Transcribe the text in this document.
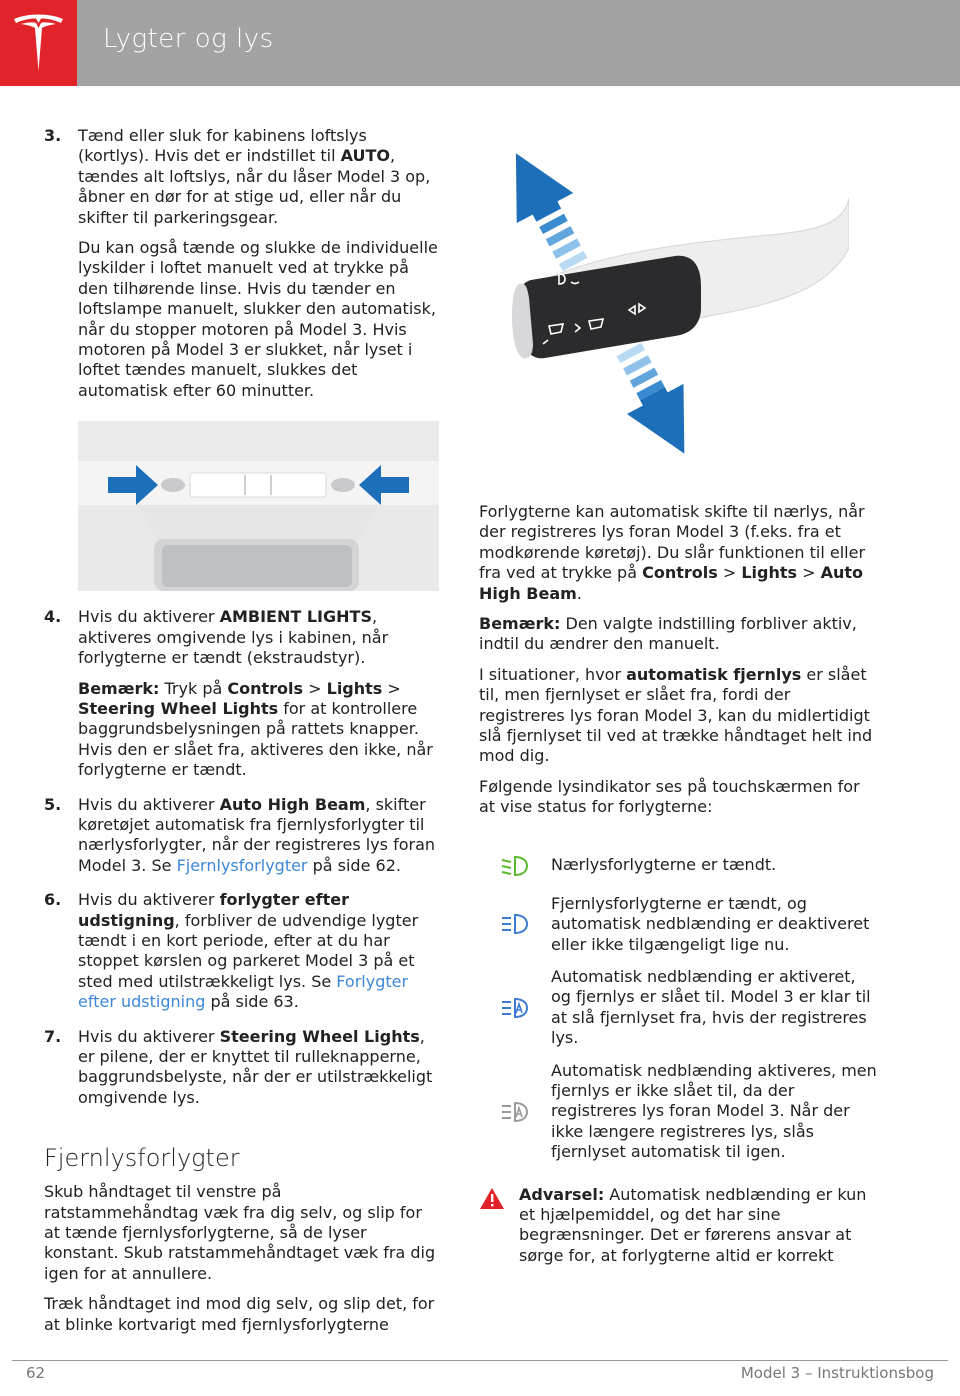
Lygter og lys
3.	Tænd eller sluk for kabinens loftslys (kortlys). Hvis det er indstillet til AUTO, tændes alt loftslys, når du låser Model 3 op, åbner en dør for at stige ud, eller når du skifter til parkeringsgear.

Du kan også tænde og slukke de individuelle lyskilder i loftet manuelt ved at trykke på den tilhørende linse. Hvis du tænder en loftslampe manuelt, slukker den automatisk, når du stopper motoren på Model 3. Hvis motoren på Model 3 er slukket, når lyset i loftet tændes manuelt, slukkes det automatisk efter 60 minutter.

4.	Hvis du aktiverer AMBIENT LIGHTS, aktiveres omgivende lys i kabinen, når forlygterne er tændt (ekstraudstyr).

Bemærk: Tryk på Controls > Lights > Steering Wheel Lights for at kontrollere baggrundsbelysningen på rattets knapper. Hvis den er slået fra, aktiveres den ikke, når forlygterne er tændt.

5.	Hvis du aktiverer Auto High Beam, skifter køretøjet automatisk fra fjernlysforlygter til nærlysforlygter, når der registreres lys foran Model 3. Se Fjernlysforlygter på side 62.

6.	Hvis du aktiverer forlygter efter udstigning, forbliver de udvendige lygter tændt i en kort periode, efter at du har stoppet kørslen og parkeret Model 3 på et sted med utilstrækkeligt lys. Se Forlygter efter udstigning på side 63.

7.	Hvis du aktiverer Steering Wheel Lights, er pilene, der er knyttet til rulleknapperne, baggrundsbelyste, når der er utilstrækkeligt omgivende lys.

Fjernlysforlygter

Skub håndtaget til venstre på ratstammehåndtag væk fra dig selv, og slip for at tænde fjernlysforlygterne, så de lyser konstant. Skub ratstammehåndtaget væk fra dig igen for at annullere.

Træk håndtaget ind mod dig selv, og slip det, for at blinke kortvarigt med fjernlysforlygterne

Forlygterne kan automatisk skifte til nærlys, når der registreres lys foran Model 3 (f.eks. fra et modkørende køretøj). Du slår funktionen til eller fra ved at trykke på Controls > Lights > Auto High Beam.

Bemærk: Den valgte indstilling forbliver aktiv, indtil du ændrer den manuelt.

I situationer, hvor automatisk fjernlys er slået til, men fjernlyset er slået fra, fordi der registreres lys foran Model 3, kan du midlertidigt slå fjernlyset til ved at trække håndtaget helt ind mod dig.

Følgende lysindikator ses på touchskærmen for at vise status for forlygterne:

Nærlysforlygterne er tændt.
Fjernlysforlygterne er tændt, og automatisk nedblænding er deaktiveret eller ikke tilgængeligt lige nu.
Automatisk nedblænding er aktiveret, og fjernlys er slået til. Model 3 er klar til at slå fjernlyset fra, hvis der registreres lys.
Automatisk nedblænding aktiveres, men fjernlys er ikke slået til, da der registreres lys foran Model 3. Når der ikke længere registreres lys, slås fjernlyset automatisk til igen.
Advarsel: Automatisk nedblænding er kun et hjælpemiddel, og det har sine begrænsninger. Det er førerens ansvar at sørge for, at forlygterne altid er korrekt
62	Model 3 – Instruktionsbog
